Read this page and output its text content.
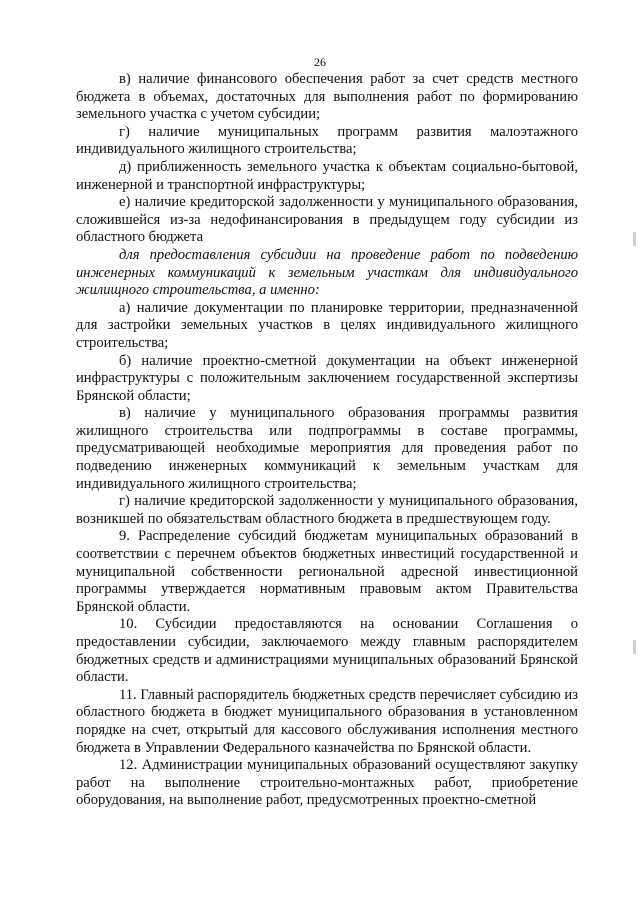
26

в) наличие финансового обеспечения работ за счет средств местного бюджета в объемах, достаточных для выполнения работ по формированию земельного участка с учетом субсидии;

г) наличие муниципальных программ развития малоэтажного индивидуального жилищного строительства;

д) приближенность земельного участка к объектам социально-бытовой, инженерной и транспортной инфраструктуры;

е) наличие кредиторской задолженности у муниципального образования, сложившейся из-за недофинансирования в предыдущем году субсидии из областного бюджета

для предоставления субсидии на проведение работ по подведению инженерных коммуникаций к земельным участкам для индивидуального жилищного строительства, а именно:

а) наличие документации по планировке территории, предназначенной для застройки земельных участков в целях индивидуального жилищного строительства;

б) наличие проектно-сметной документации на объект инженерной инфраструктуры с положительным заключением государственной экспертизы Брянской области;

в) наличие у муниципального образования программы развития жилищного строительства или подпрограммы в составе программы, предусматривающей необходимые мероприятия для проведения работ по подведению инженерных коммуникаций к земельным участкам для индивидуального жилищного строительства;

г) наличие кредиторской задолженности у муниципального образования, возникшей по обязательствам областного бюджета в предшествующем году.

9. Распределение субсидий бюджетам муниципальных образований в соответствии с перечнем объектов бюджетных инвестиций государственной и муниципальной собственности региональной адресной инвестиционной программы утверждается нормативным правовым актом Правительства Брянской области.

10. Субсидии предоставляются на основании Соглашения о предоставлении субсидии, заключаемого между главным распорядителем бюджетных средств и администрациями муниципальных образований Брянской области.

11. Главный распорядитель бюджетных средств перечисляет субсидию из областного бюджета в бюджет муниципального образования в установленном порядке на счет, открытый для кассового обслуживания исполнения местного бюджета в Управлении Федерального казначейства по Брянской области.

12. Администрации муниципальных образований осуществляют закупку работ на выполнение строительно-монтажных работ, приобретение оборудования, на выполнение работ, предусмотренных проектно-сметной
